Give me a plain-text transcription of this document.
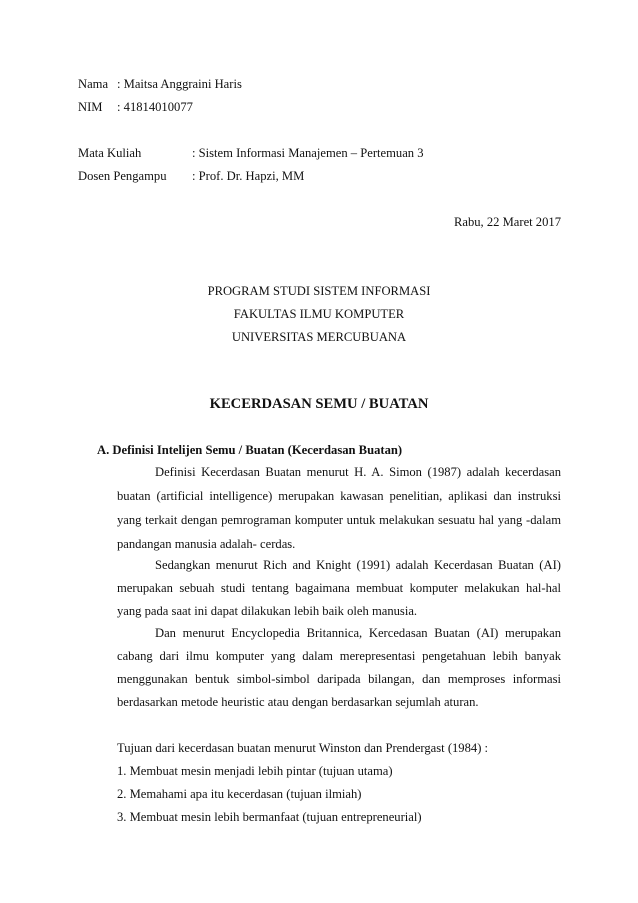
Nama : Maitsa Anggraini Haris
NIM : 41814010077
Mata Kuliah	: Sistem Informasi Manajemen – Pertemuan 3
Dosen Pengampu : Prof. Dr. Hapzi, MM
Rabu, 22 Maret 2017
PROGRAM STUDI SISTEM INFORMASI
FAKULTAS ILMU KOMPUTER
UNIVERSITAS MERCUBUANA
KECERDASAN SEMU / BUATAN
A. Definisi Intelijen Semu / Buatan (Kecerdasan Buatan)
Definisi Kecerdasan Buatan menurut H. A. Simon (1987) adalah kecerdasan
buatan (artificial intelligence) merupakan kawasan penelitian, aplikasi dan instruksi
yang terkait dengan pemrograman komputer untuk melakukan sesuatu hal yang -dalam
pandangan manusia adalah- cerdas.
Sedangkan menurut Rich and Knight (1991) adalah Kecerdasan Buatan (AI)
merupakan sebuah studi tentang bagaimana membuat komputer melakukan hal-hal
yang pada saat ini dapat dilakukan lebih baik oleh manusia.
Dan menurut Encyclopedia Britannica, Kercedasan Buatan (AI) merupakan
cabang dari ilmu komputer yang dalam merepresentasi pengetahuan lebih banyak
menggunakan bentuk simbol-simbol daripada bilangan, dan memproses informasi
berdasarkan metode heuristic atau dengan berdasarkan sejumlah aturan.
Tujuan dari kecerdasan buatan menurut Winston dan Prendergast (1984) :
1. Membuat mesin menjadi lebih pintar (tujuan utama)
2. Memahami apa itu kecerdasan (tujuan ilmiah)
3. Membuat mesin lebih bermanfaat (tujuan entrepreneurial)
